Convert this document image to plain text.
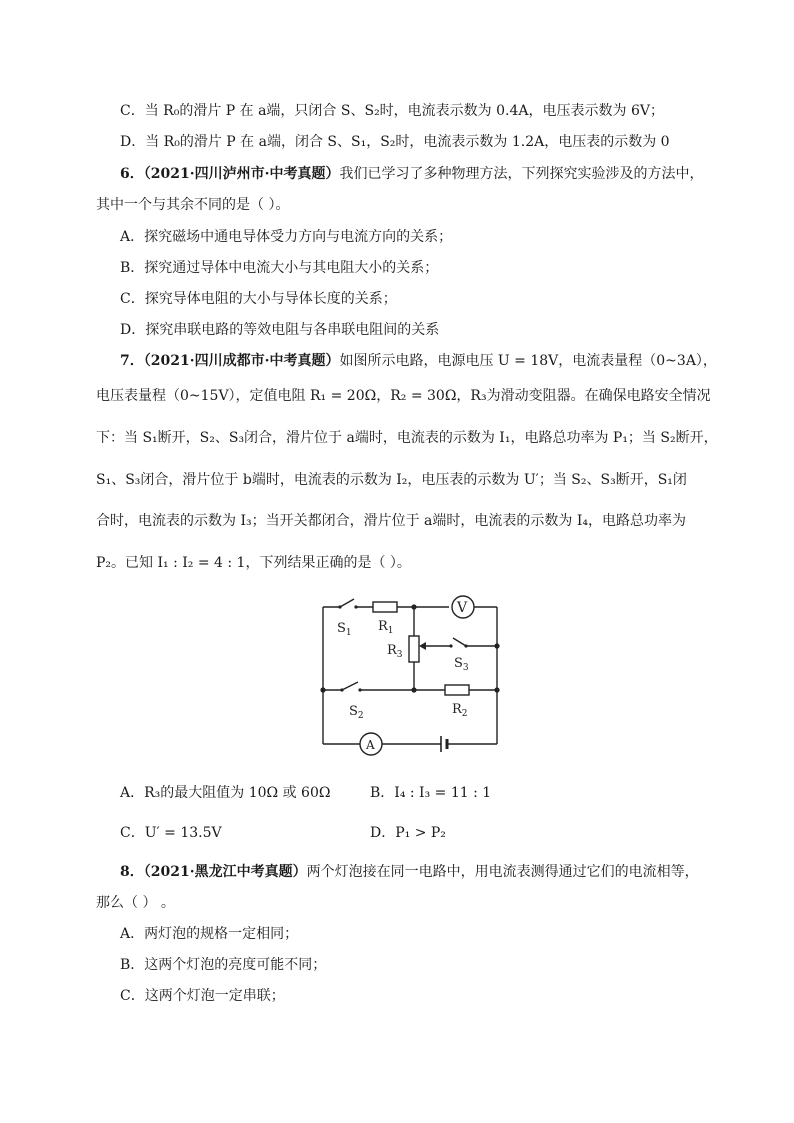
C．当 R₀的滑片 P 在 a端，只闭合 S、S₂时，电流表示数为 0.4A，电压表示数为 6V；
D．当 R₀的滑片 P 在 a端，闭合 S、S₁，S₂时，电流表示数为 1.2A，电压表的示数为 0
6．（2021·四川泸州市·中考真题）我们已学习了多种物理方法，下列探究实验涉及的方法中，
其中一个与其余不同的是（ ）。
A．探究磁场中通电导体受力方向与电流方向的关系；
B．探究通过导体中电流大小与其电阻大小的关系；
C．探究导体电阻的大小与导体长度的关系；
D．探究串联电路的等效电阻与各串联电阻间的关系
7．（2021·四川成都市·中考真题）如图所示电路，电源电压 U = 18V，电流表量程（0~3A），
电压表量程（0~15V），定值电阻 R₁ = 20Ω，R₂ = 30Ω，R₃为滑动变阻器。在确保电路安全情况
下：当 S₁断开，S₂、S₃闭合，滑片位于 a端时，电流表的示数为 I₁，电路总功率为 P₁；当 S₂断开，
S₁、S₃闭合，滑片位于 b端时，电流表的示数为 I₂，电压表的示数为 U′；当 S₂、S₃断开，S₁闭
合时，电流表的示数为 I₃；当开关都闭合，滑片位于 a端时，电流表的示数为 I₄，电路总功率为
P₂。已知 I₁ : I₂ = 4 : 1，下列结果正确的是（ ）。
$S_1$ $R_1$
$R_3$
$S_3$
$S_2$	$R_2$
V
A
A．R₃的最大阻值为 10Ω 或 60Ω	B．I₄ : I₃ = 11 : 1
C．U′ = 13.5V	D．P₁ > P₂
8．（2021·黑龙江中考真题）两个灯泡接在同一电路中，用电流表测得通过它们的电流相等，
那么（ ） 。
A．两灯泡的规格一定相同；
B．这两个灯泡的亮度可能不同；
C．这两个灯泡一定串联；
